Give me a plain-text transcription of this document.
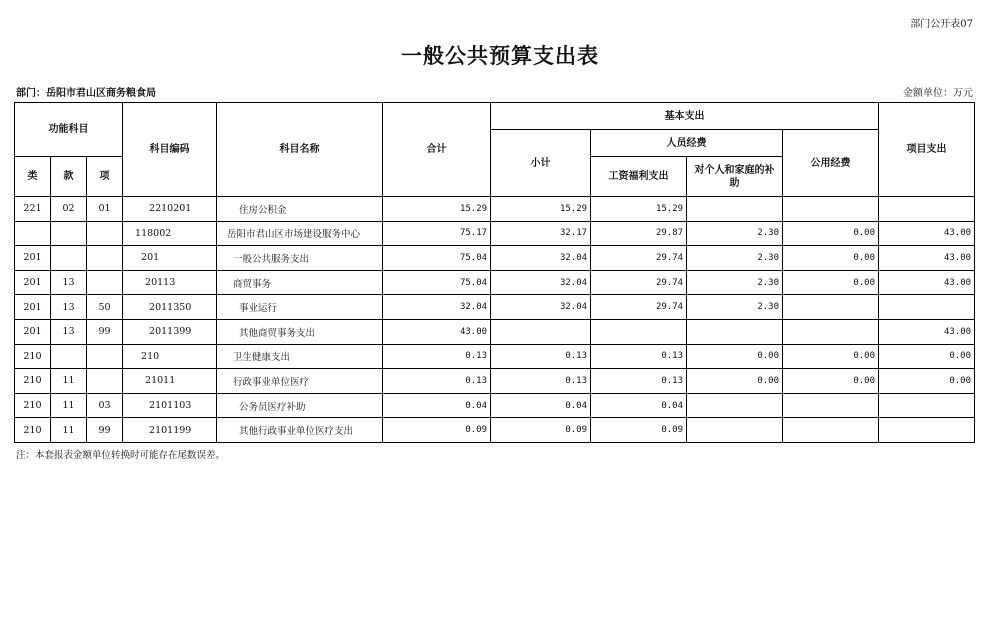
部门公开表07
一般公共预算支出表
部门：岳阳市君山区商务粮食局	金额单位：万元
功能科目			科目编码	科目名称	合计	基本支出				项目支出
						小计	人员经费		公用经费	
类	款	项					工资福利支出	对个人和家庭的补助		
221	02	01	2210201	住房公积金	15.29	15.29	15.29			
			118002	岳阳市君山区市场建设服务中心	75.17	32.17	29.87	2.30	0.00	43.00
201			201	一般公共服务支出	75.04	32.04	29.74	2.30	0.00	43.00
201	13		20113	商贸事务	75.04	32.04	29.74	2.30	0.00	43.00
201	13	50	2011350	事业运行	32.04	32.04	29.74	2.30		
201	13	99	2011399	其他商贸事务支出	43.00					43.00
210			210	卫生健康支出	0.13	0.13	0.13	0.00	0.00	0.00
210	11		21011	行政事业单位医疗	0.13	0.13	0.13	0.00	0.00	0.00
210	11	03	2101103	公务员医疗补助	0.04	0.04	0.04			
210	11	99	2101199	其他行政事业单位医疗支出	0.09	0.09	0.09			
注：本套报表金额单位转换时可能存在尾数误差。
